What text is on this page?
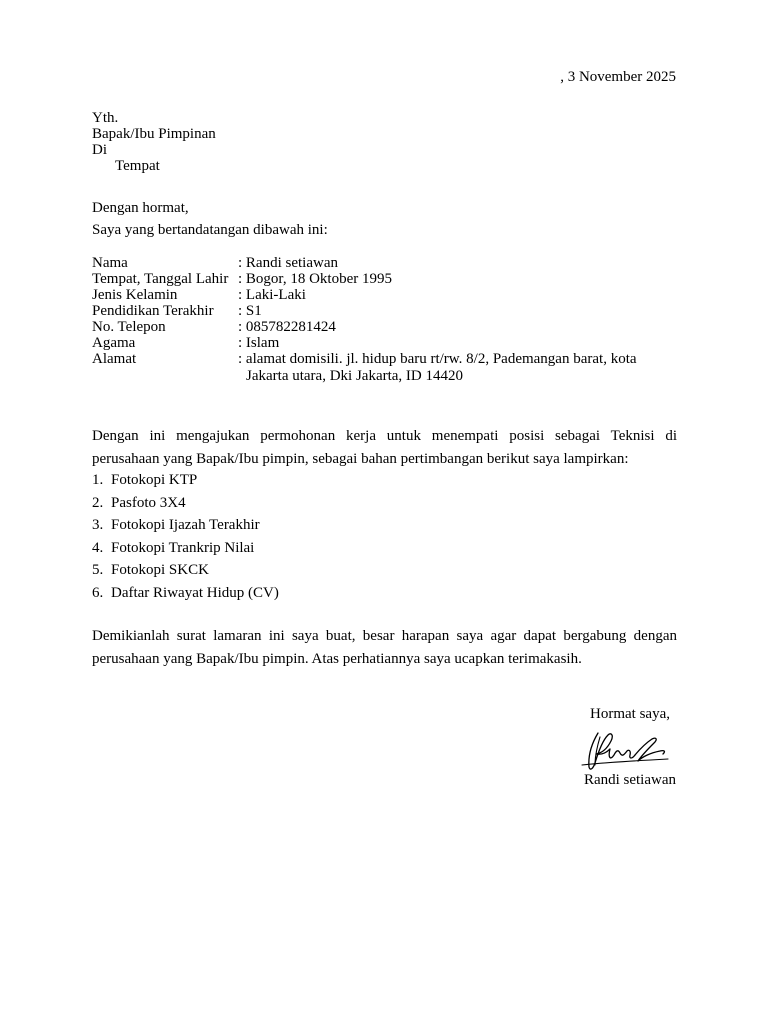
, 3 November 2025
Yth.
Bapak/Ibu Pimpinan
Di
Tempat
Dengan hormat,
Saya yang bertandatangan dibawah ini:
Nama	: Randi setiawan
Tempat, Tanggal Lahir : Bogor, 18 Oktober 1995
Jenis Kelamin	: Laki-Laki
Pendidikan Terakhir : S1
No. Telepon	: 085782281424
Agama	: Islam
Alamat	: alamat domisili. jl. hidup baru rt/rw. 8/2, Pademangan barat, kota
Jakarta utara, Dki Jakarta, ID 14420
Dengan ini mengajukan permohonan kerja untuk menempati posisi sebagai Teknisi di
perusahaan yang Bapak/Ibu pimpin, sebagai bahan pertimbangan berikut saya lampirkan:
1. Fotokopi KTP
2. Pasfoto 3X4
3. Fotokopi Ijazah Terakhir
4. Fotokopi Trankrip Nilai
5. Fotokopi SKCK
6. Daftar Riwayat Hidup (CV)
Demikianlah surat lamaran ini saya buat, besar harapan saya agar dapat bergabung dengan
perusahaan yang Bapak/Ibu pimpin. Atas perhatiannya saya ucapkan terimakasih.
Hormat saya,
Randi setiawan
